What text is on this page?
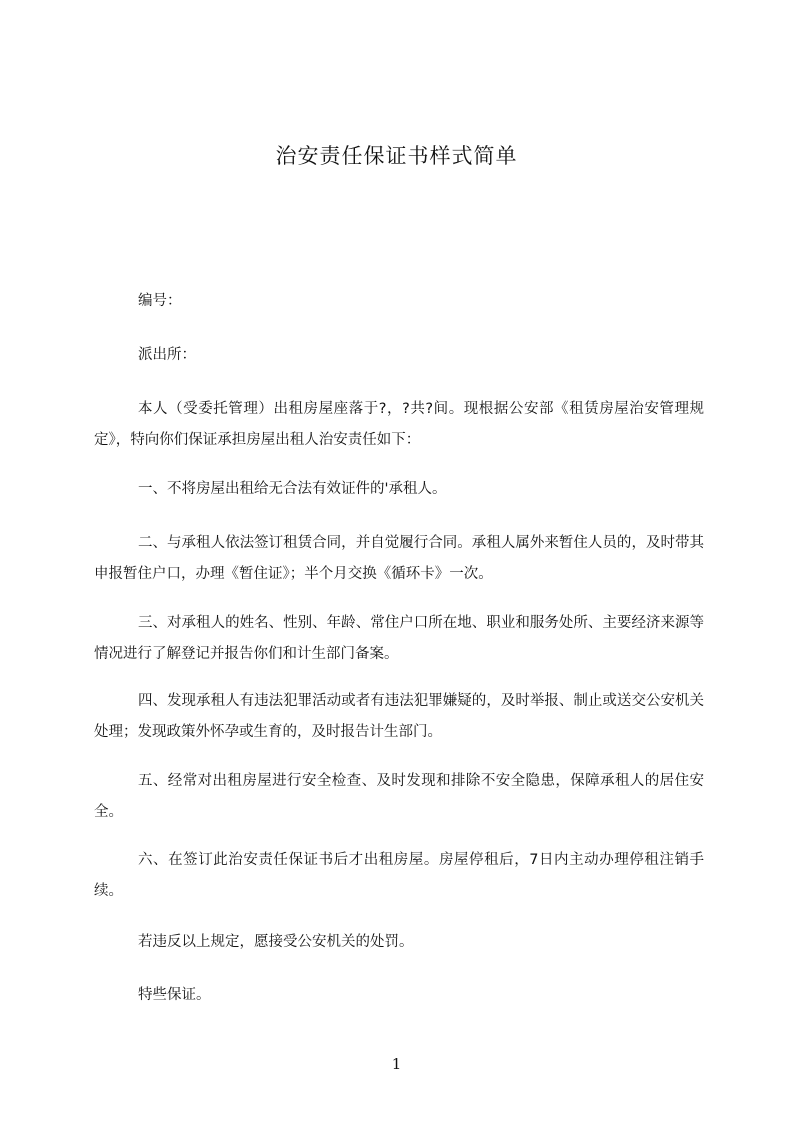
治安责任保证书样式简单
编号：
派出所：
本人（受委托管理）出租房屋座落于?，?共?间。现根据公安部《租赁房屋治安管理规定》，特向你们保证承担房屋出租人治安责任如下：
一、不将房屋出租给无合法有效证件的'承租人。
二、与承租人依法签订租赁合同，并自觉履行合同。承租人属外来暂住人员的，及时带其申报暂住户口，办理《暂住证》；半个月交换《循环卡》一次。
三、对承租人的姓名、性别、年龄、常住户口所在地、职业和服务处所、主要经济来源等情况进行了解登记并报告你们和计生部门备案。
四、发现承租人有违法犯罪活动或者有违法犯罪嫌疑的，及时举报、制止或送交公安机关处理；发现政策外怀孕或生育的，及时报告计生部门。
五、经常对出租房屋进行安全检查、及时发现和排除不安全隐患，保障承租人的居住安全。
六、在签订此治安责任保证书后才出租房屋。房屋停租后，7日内主动办理停租注销手续。
若违反以上规定，愿接受公安机关的处罚。
特些保证。
1
